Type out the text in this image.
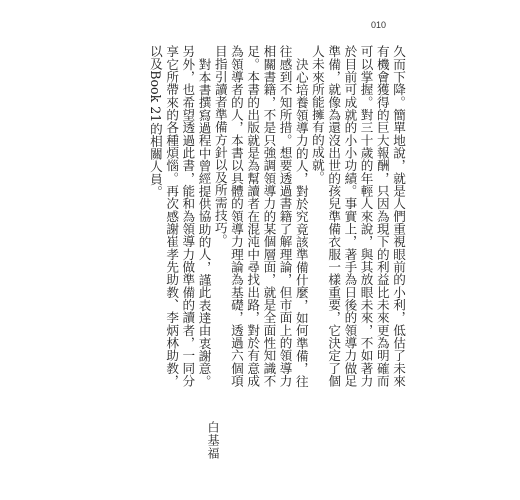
010

久而下降。簡單地說，就是人們重視眼前的小利，低估了未來有機會獲得的巨大報酬，只因為現下的利益比未來更為明確而可以掌握。對三十歲的年輕人來說，與其放眼未來，不如著力於目前可成就的小小功績。事實上，著手為日後的領導力做足準備，就像為還沒出世的孩兒準備衣服一樣重要，它決定了個人未來所能擁有的成就。

決心培養領導力的人，對於究竟該準備什麼，如何準備，往往感到不知所措。想要透過書籍了解理論，但市面上的領導力相關書籍，不是只強調領導力的某個層面，就是全面性知識不足。本書的出版就是為幫讀者在混沌中尋找出路，對於有意成為領導者的人，本書以具體的領導力理論為基礎，透過六個項目指引讀者準備方針以及所需技巧。

對本書撰寫過程中曾經提供協助的人，謹此表達由衷謝意。另外，也希望透過此書，能和為領導力做準備的讀者，一同分享它所帶來的各種煩惱。再次感謝崔孝先助教、李炳林助教，以及Book 21的相關人員。

白基福
